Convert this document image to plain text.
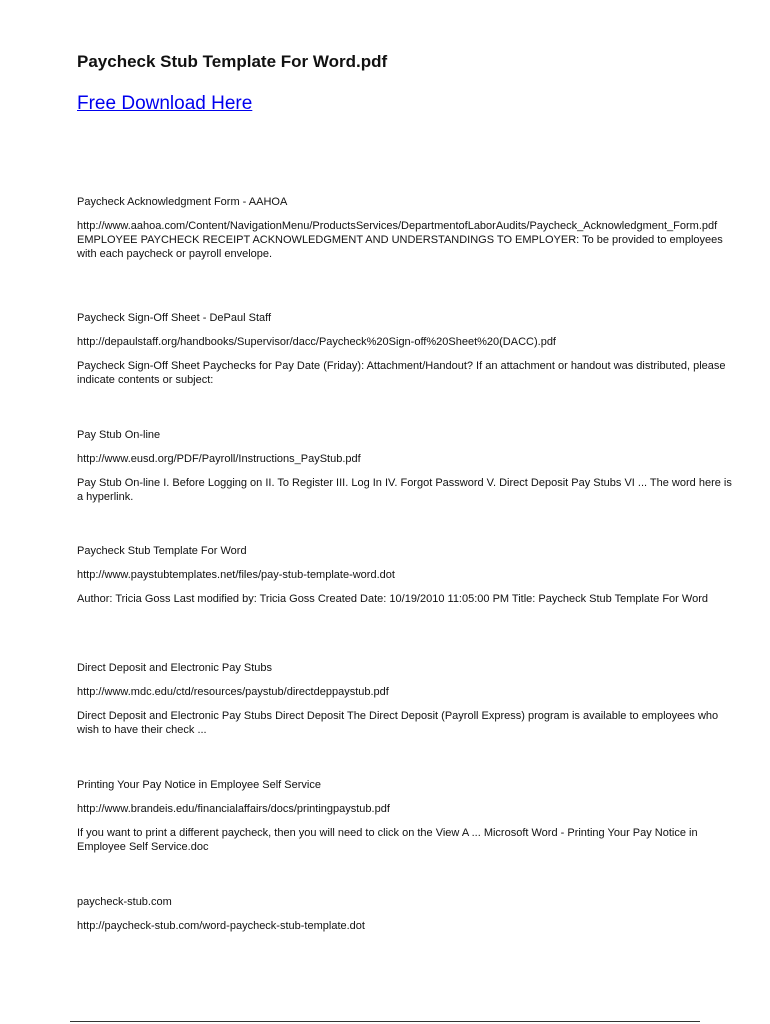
Paycheck Stub Template For Word.pdf
Free Download Here
Paycheck Acknowledgment Form - AAHOA
http://www.aahoa.com/Content/NavigationMenu/ProductsServices/DepartmentofLaborAudits/Paycheck_Acknowledgment_Form.pdf
EMPLOYEE PAYCHECK RECEIPT ACKNOWLEDGMENT AND UNDERSTANDINGS TO EMPLOYER: To be provided to employees with each paycheck or payroll envelope.
Paycheck Sign-Off Sheet - DePaul Staff
http://depaulstaff.org/handbooks/Supervisor/dacc/Paycheck%20Sign-off%20Sheet%20(DACC).pdf
Paycheck Sign-Off Sheet Paychecks for Pay Date (Friday): Attachment/Handout? If an attachment or handout was distributed, please indicate contents or subject:
Pay Stub On-line
http://www.eusd.org/PDF/Payroll/Instructions_PayStub.pdf
Pay Stub On-line I. Before Logging on II. To Register III. Log In IV. Forgot Password V. Direct Deposit Pay Stubs VI ... The word here is a hyperlink.
Paycheck Stub Template For Word
http://www.paystubtemplates.net/files/pay-stub-template-word.dot
Author: Tricia Goss Last modified by: Tricia Goss Created Date: 10/19/2010 11:05:00 PM Title: Paycheck Stub Template For Word
Direct Deposit and Electronic Pay Stubs
http://www.mdc.edu/ctd/resources/paystub/directdeppaystub.pdf
Direct Deposit and Electronic Pay Stubs Direct Deposit The Direct Deposit (Payroll Express) program is available to employees who wish to have their check ...
Printing Your Pay Notice in Employee Self Service
http://www.brandeis.edu/financialaffairs/docs/printingpaystub.pdf
If you want to print a different paycheck, then you will need to click on the View A ... Microsoft Word - Printing Your Pay Notice in Employee Self Service.doc
paycheck-stub.com
http://paycheck-stub.com/word-paycheck-stub-template.dot
